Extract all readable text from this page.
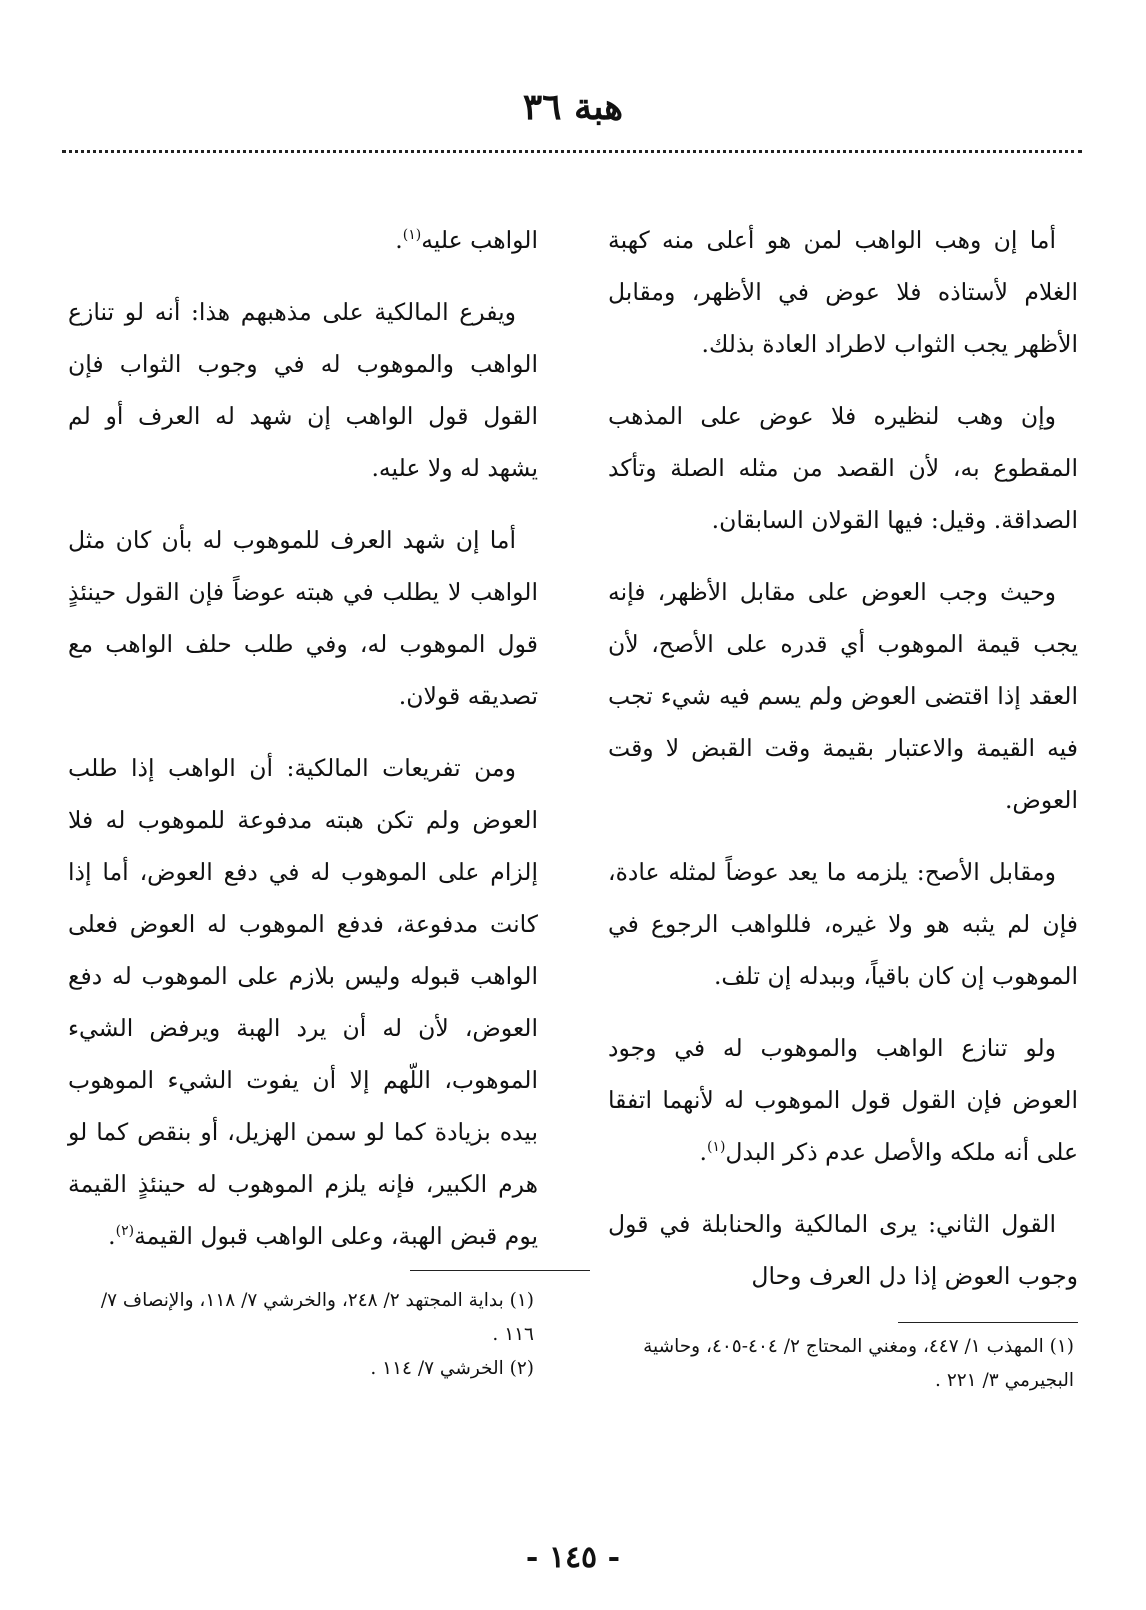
هبة ٣٦

أما إن وهب الواهب لمن هو أعلى منه كهبة الغلام لأستاذه فلا عوض في الأظهر، ومقابل الأظهر يجب الثواب لاطراد العادة بذلك.

وإن وهب لنظيره فلا عوض على المذهب المقطوع به، لأن القصد من مثله الصلة وتأكد الصداقة. وقيل: فيها القولان السابقان.

وحيث وجب العوض على مقابل الأظهر، فإنه يجب قيمة الموهوب أي قدره على الأصح، لأن العقد إذا اقتضى العوض ولم يسم فيه شيء تجب فيه القيمة والاعتبار بقيمة وقت القبض لا وقت العوض.

ومقابل الأصح: يلزمه ما يعد عوضاً لمثله عادة، فإن لم يثبه هو ولا غيره، فللواهب الرجوع في الموهوب إن كان باقياً، وببدله إن تلف.

ولو تنازع الواهب والموهوب له في وجود العوض فإن القول قول الموهوب له لأنهما اتفقا على أنه ملكه والأصل عدم ذكر البدل$^{(١)}$.

القول الثاني: يرى المالكية والحنابلة في قول وجوب العوض إذا دل العرف وحال

الواهب عليه$^{(١)}$.

ويفرع المالكية على مذهبهم هذا: أنه لو تنازع الواهب والموهوب له في وجوب الثواب فإن القول قول الواهب إن شهد له العرف أو لم يشهد له ولا عليه.

أما إن شهد العرف للموهوب له بأن كان مثل الواهب لا يطلب في هبته عوضاً فإن القول حينئذٍ قول الموهوب له، وفي طلب حلف الواهب مع تصديقه قولان.

ومن تفريعات المالكية: أن الواهب إذا طلب العوض ولم تكن هبته مدفوعة للموهوب له فلا إلزام على الموهوب له في دفع العوض، أما إذا كانت مدفوعة، فدفع الموهوب له العوض فعلى الواهب قبوله وليس بلازم على الموهوب له دفع العوض، لأن له أن يرد الهبة ويرفض الشيء الموهوب، اللّهم إلا أن يفوت الشيء الموهوب بيده بزيادة كما لو سمن الهزيل، أو بنقص كما لو هرم الكبير، فإنه يلزم الموهوب له حينئذٍ القيمة يوم قبض الهبة، وعلى الواهب قبول القيمة$^{(٢)}$.

(١) المهذب ١/ ٤٤٧، ومغني المحتاج ٢/ ٤٠٤-٤٠٥، وحاشية البجيرمي ٣/ ٢٢١ .
(١) بداية المجتهد ٢/ ٢٤٨، والخرشي ٧/ ١١٨، والإنصاف ٧/ ١١٦ .
(٢) الخرشي ٧/ ١١٤ .
- ١٤٥ -
